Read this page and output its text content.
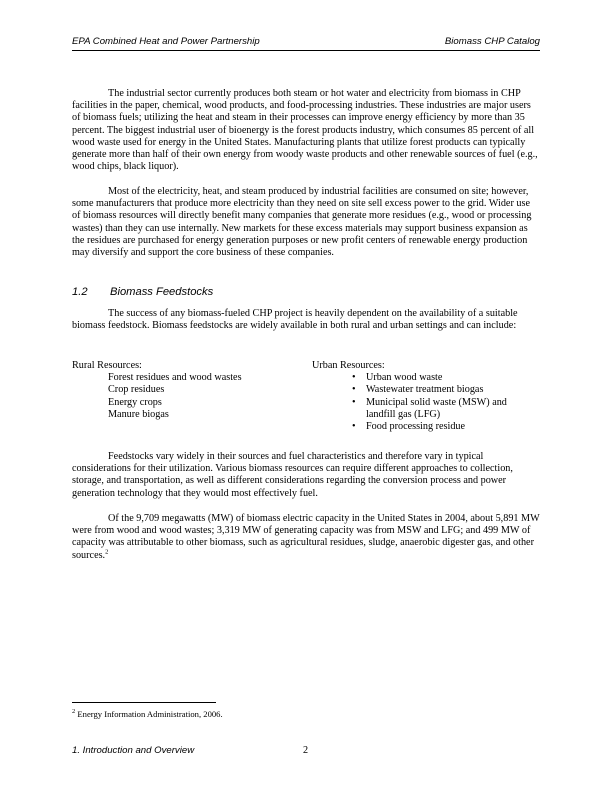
EPA Combined Heat and Power Partnership	Biomass CHP Catalog

The industrial sector currently produces both steam or hot water and electricity from biomass in CHP facilities in the paper, chemical, wood products, and food-processing industries. These industries are major users of biomass fuels; utilizing the heat and steam in their processes can improve energy efficiency by more than 35 percent. The biggest industrial user of bioenergy is the forest products industry, which consumes 85 percent of all wood waste used for energy in the United States. Manufacturing plants that utilize forest products can typically generate more than half of their own energy from woody waste products and other renewable sources of fuel (e.g., wood chips, black liquor).

Most of the electricity, heat, and steam produced by industrial facilities are consumed on site; however, some manufacturers that produce more electricity than they need on site sell excess power to the grid. Wider use of biomass resources will directly benefit many companies that generate more residues (e.g., wood or processing wastes) than they can use internally. New markets for these excess materials may support business expansion as the residues are purchased for energy generation purposes or new profit centers of renewable energy production may diversify and support the core business of these companies.

1.2 Biomass Feedstocks

The success of any biomass-fueled CHP project is heavily dependent on the availability of a suitable biomass feedstock. Biomass feedstocks are widely available in both rural and urban settings and can include:

Rural Resources:

Forest residues and wood wastes
Crop residues
Energy crops
Manure biogas

Urban Resources:

• Urban wood waste
• Wastewater treatment biogas
• Municipal solid waste (MSW) and landfill gas (LFG)
• Food processing residue

Feedstocks vary widely in their sources and fuel characteristics and therefore vary in typical considerations for their utilization. Various biomass resources can require different approaches to collection, storage, and transportation, as well as different considerations regarding the conversion process and power generation technology that they would most effectively fuel.

Of the 9,709 megawatts (MW) of biomass electric capacity in the United States in 2004, about 5,891 MW were from wood and wood wastes; 3,319 MW of generating capacity was from MSW and LFG; and 499 MW of capacity was attributable to other biomass, such as agricultural residues, sludge, anaerobic digester gas, and other sources.$^2$

$^2$ Energy Information Administration, 2006.
1. Introduction and Overview	2
